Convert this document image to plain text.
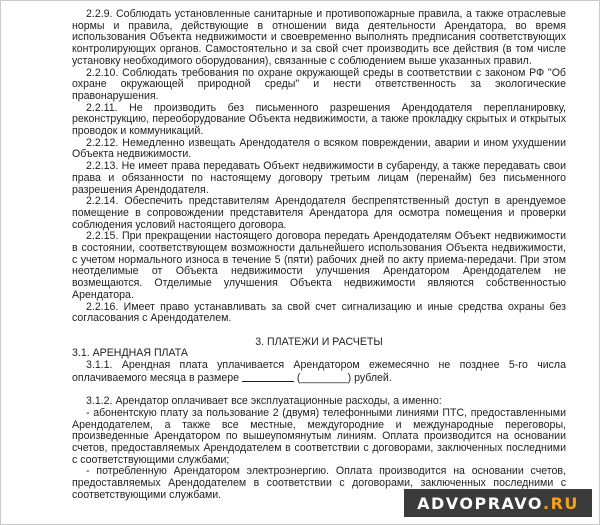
2.2.9. Соблюдать установленные санитарные и противопожарные правила, а также отраслевые нормы и правила, действующие в отношении вида деятельности Арендатора, во время использования Объекта недвижимости и своевременно выполнять предписания соответствующих контролирующих органов. Самостоятельно и за свой счет производить все действия (в том числе установку необходимого оборудования), связанные с соблюдением выше указанных правил.

2.2.10. Соблюдать требования по охране окружающей среды в соответствии с законом РФ "Об охране окружающей природной среды" и нести ответственность за экологические правонарушения.

2.2.11. Не производить без письменного разрешения Арендодателя перепланировку, реконструкцию, переоборудование Объекта недвижимости, а также прокладку скрытых и открытых проводок и коммуникаций.

2.2.12. Немедленно извещать Арендодателя о всяком повреждении, аварии и ином ухудшении Объекта недвижимости.

2.2.13. Не имеет права передавать Объект недвижимости в субаренду, а также передавать свои права и обязанности по настоящему договору третьим лицам (перенайм) без письменного разрешения Арендодателя.

2.2.14. Обеспечить представителям Арендодателя беспрепятственный доступ в арендуемое помещение в сопровождении представителя Арендатора для осмотра помещения и проверки соблюдения условий настоящего договора.

2.2.15. При прекращении настоящего договора передать Арендодателям Объект недвижимости в состоянии, соответствующем возможности дальнейшего использования Объекта недвижимости, с учетом нормального износа в течение 5 (пяти) рабочих дней по акту приема-передачи. При этом неотделимые от Объекта недвижимости улучшения Арендатором Арендодателем не возмещаются. Отделимые улучшения Объекта недвижимости являются собственностью Арендатора.

2.2.16. Имеет право устанавливать за свой счет сигнализацию и иные средства охраны без согласования с Арендодателем.

3. ПЛАТЕЖИ И РАСЧЕТЫ

3.1. АРЕНДНАЯ ПЛАТА

3.1.1. Арендная плата уплачивается Арендатором ежемесячно не позднее 5-го числа оплачиваемого месяца в размере	(________) рублей.

3.1.2. Арендатор оплачивает все эксплуатационные расходы, а именно:

- абонентскую плату за пользование 2 (двумя) телефонными линиями ПТС, предоставленными Арендодателем, а также все местные, междугородние и международные переговоры, произведенные Арендатором по вышеупомянутым линиям. Оплата производится на основании счетов, предоставляемых Арендодателем в соответствии с договорами, заключенных последними с соответствующими службами;

- потребленную Арендатором электроэнергию. Оплата производится на основании счетов, предоставляемых Арендодателем в соответствии с договорами, заключенных последними с соответствующими службами.	ADVOPRAVO .RU
